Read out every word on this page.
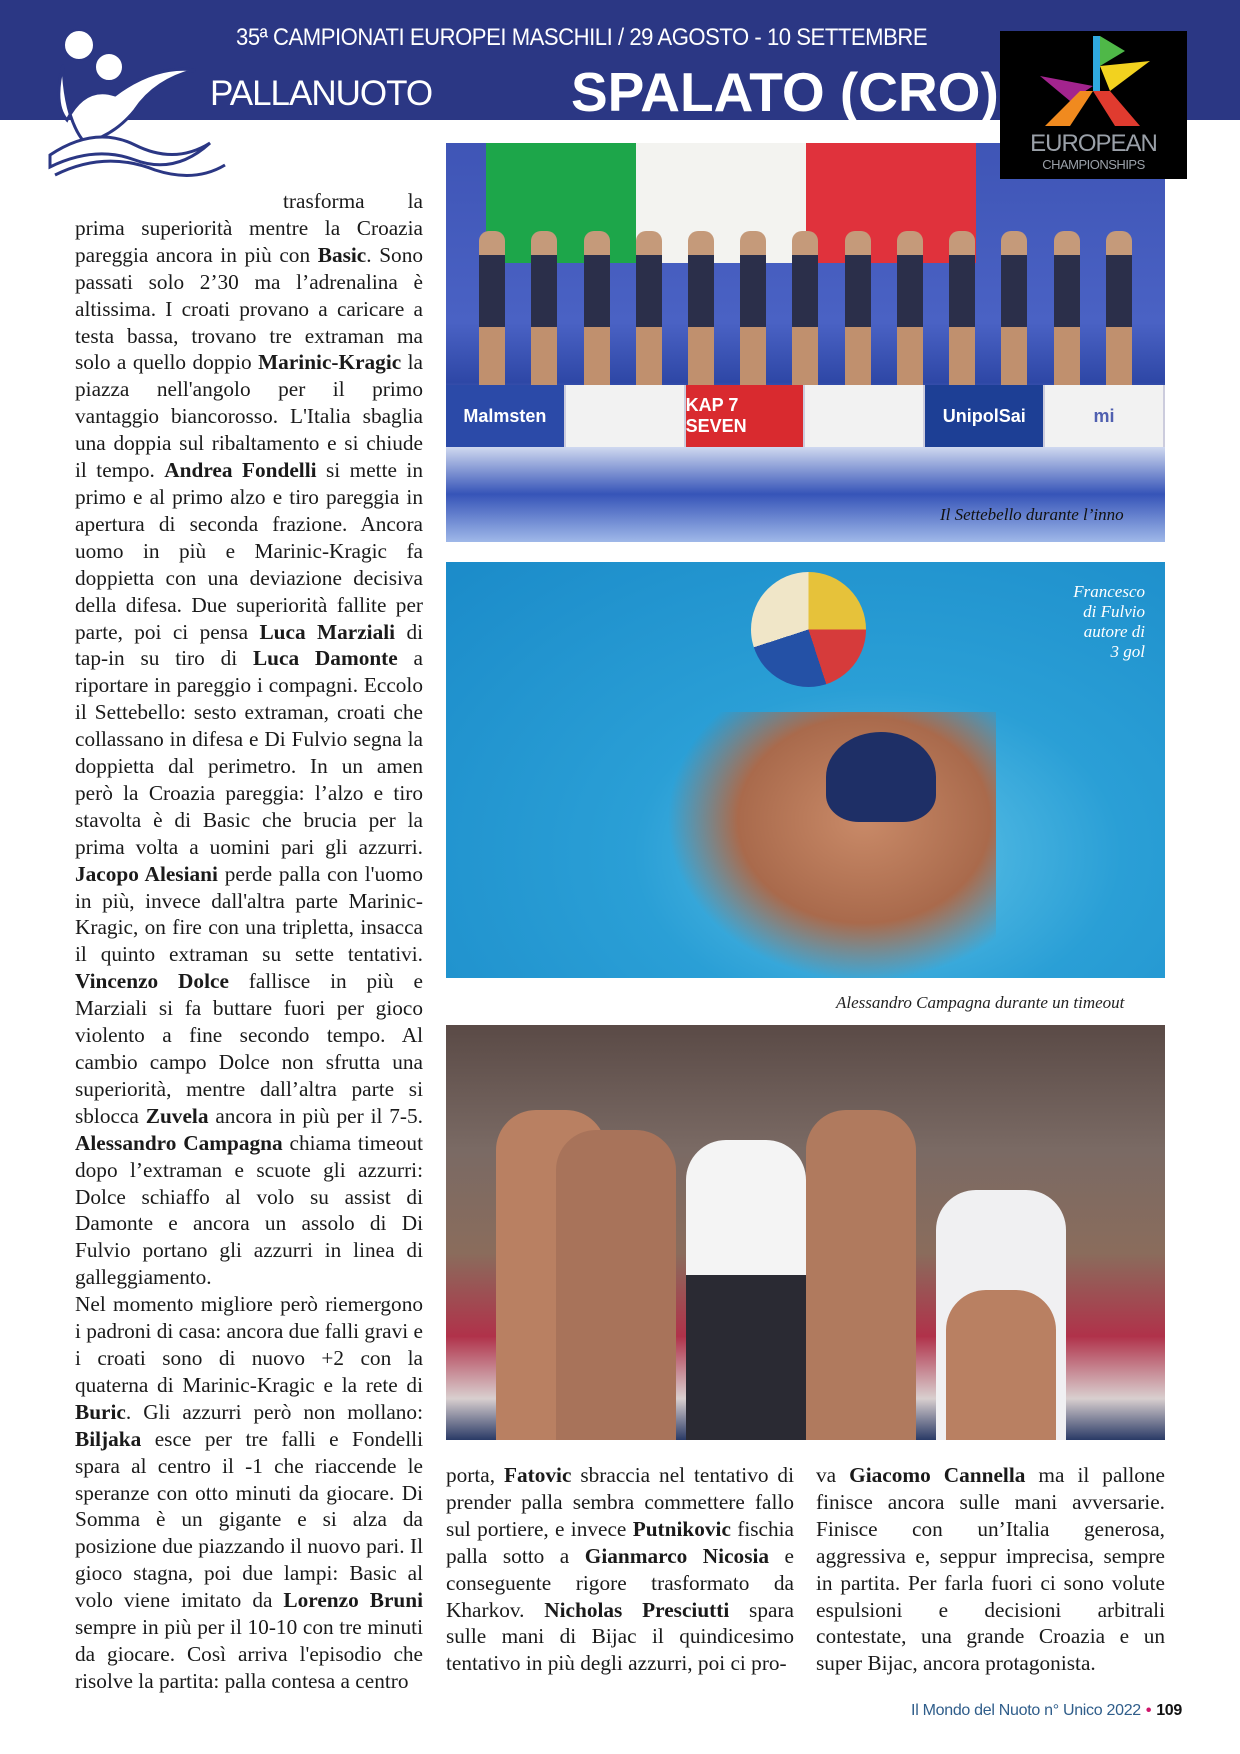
35ª CAMPIONATI EUROPEI MASCHILI / 29 AGOSTO - 10 SETTEMBRE
PALLANUOTO	SPALATO (CRO)

trasforma la prima superiorità mentre la Croazia pareggia ancora in più con Basic. Sono passati solo 2’30 ma l’adrenalina è altissima. I croati provano a caricare a testa bassa, trovano tre extraman ma solo a quello doppio Marinic-Kragic la piazza nell'angolo per il primo vantaggio biancorosso. L'Italia sbaglia una doppia sul ribaltamento e si chiude il tempo. Andrea Fondelli si mette in primo e al primo alzo e tiro pareggia in apertura di seconda frazione. Ancora uomo in più e Marinic-Kragic fa doppietta con una deviazione decisiva della difesa. Due superiorità fallite per parte, poi ci pensa Luca Marziali di tap-in su tiro di Luca Damonte a riportare in pareggio i compagni. Eccolo il Settebello: sesto extraman, croati che collassano in difesa e Di Fulvio segna la doppietta dal perimetro. In un amen però la Croazia pareggia: l’alzo e tiro stavolta è di Basic che brucia per la prima volta a uomini pari gli azzurri. Jacopo Alesiani perde palla con l'uomo in più, invece dall'altra parte Marinic-Kragic, on fire con una tripletta, insacca il quinto extraman su sette tentativi. Vincenzo Dolce fallisce in più e Marziali si fa buttare fuori per gioco violento a fine secondo tempo. Al cambio campo Dolce non sfrutta una superiorità, mentre dall’altra parte si sblocca Zuvela ancora in più per il 7-5. Alessandro Campagna chiama timeout dopo l’extraman e scuote gli azzurri: Dolce schiaffo al volo su assist di Damonte e ancora un assolo di Di Fulvio portano gli azzurri in linea di galleggiamento.

Nel momento migliore però riemergono i padroni di casa: ancora due falli gravi e i croati sono di nuovo +2 con la quaterna di Marinic-Kragic e la rete di Buric. Gli azzurri però non mollano: Biljaka esce per tre falli e Fondelli spara al centro il -1 che riaccende le speranze con otto minuti da giocare. Di Somma è un gigante e si alza da posizione due piazzando il nuovo pari. Il gioco stagna, poi due lampi: Basic al volo viene imitato da Lorenzo Bruni sempre in più per il 10-10 con tre minuti da giocare. Così arriva l'episodio che risolve la partita: palla contesa a centro

Malmsten
KAP 7 SEVEN
UnipolSai	mi
Il Settebello durante l’inno
Francesco
di Fulvio
autore di
3 gol
Alessandro Campagna durante un timeout
EUROPEAN
CHAMPIONSHIPS

porta, Fatovic sbraccia nel tentativo di prender palla sembra commettere fallo sul portiere, e invece Putnikovic fischia palla sotto a Gianmarco Nicosia e conseguente rigore trasformato da Kharkov. Nicholas Presciutti spara sulle mani di Bijac il quindicesimo tentativo in più degli azzurri, poi ci pro-

va Giacomo Cannella ma il pallone finisce ancora sulle mani avversarie. Finisce con un’Italia generosa, aggressiva e, seppur imprecisa, sempre in partita. Per farla fuori ci sono volute espulsioni e decisioni arbitrali contestate, una grande Croazia e un super Bijac, ancora protagonista.

Il Mondo del Nuoto n° Unico 2022 • 109
